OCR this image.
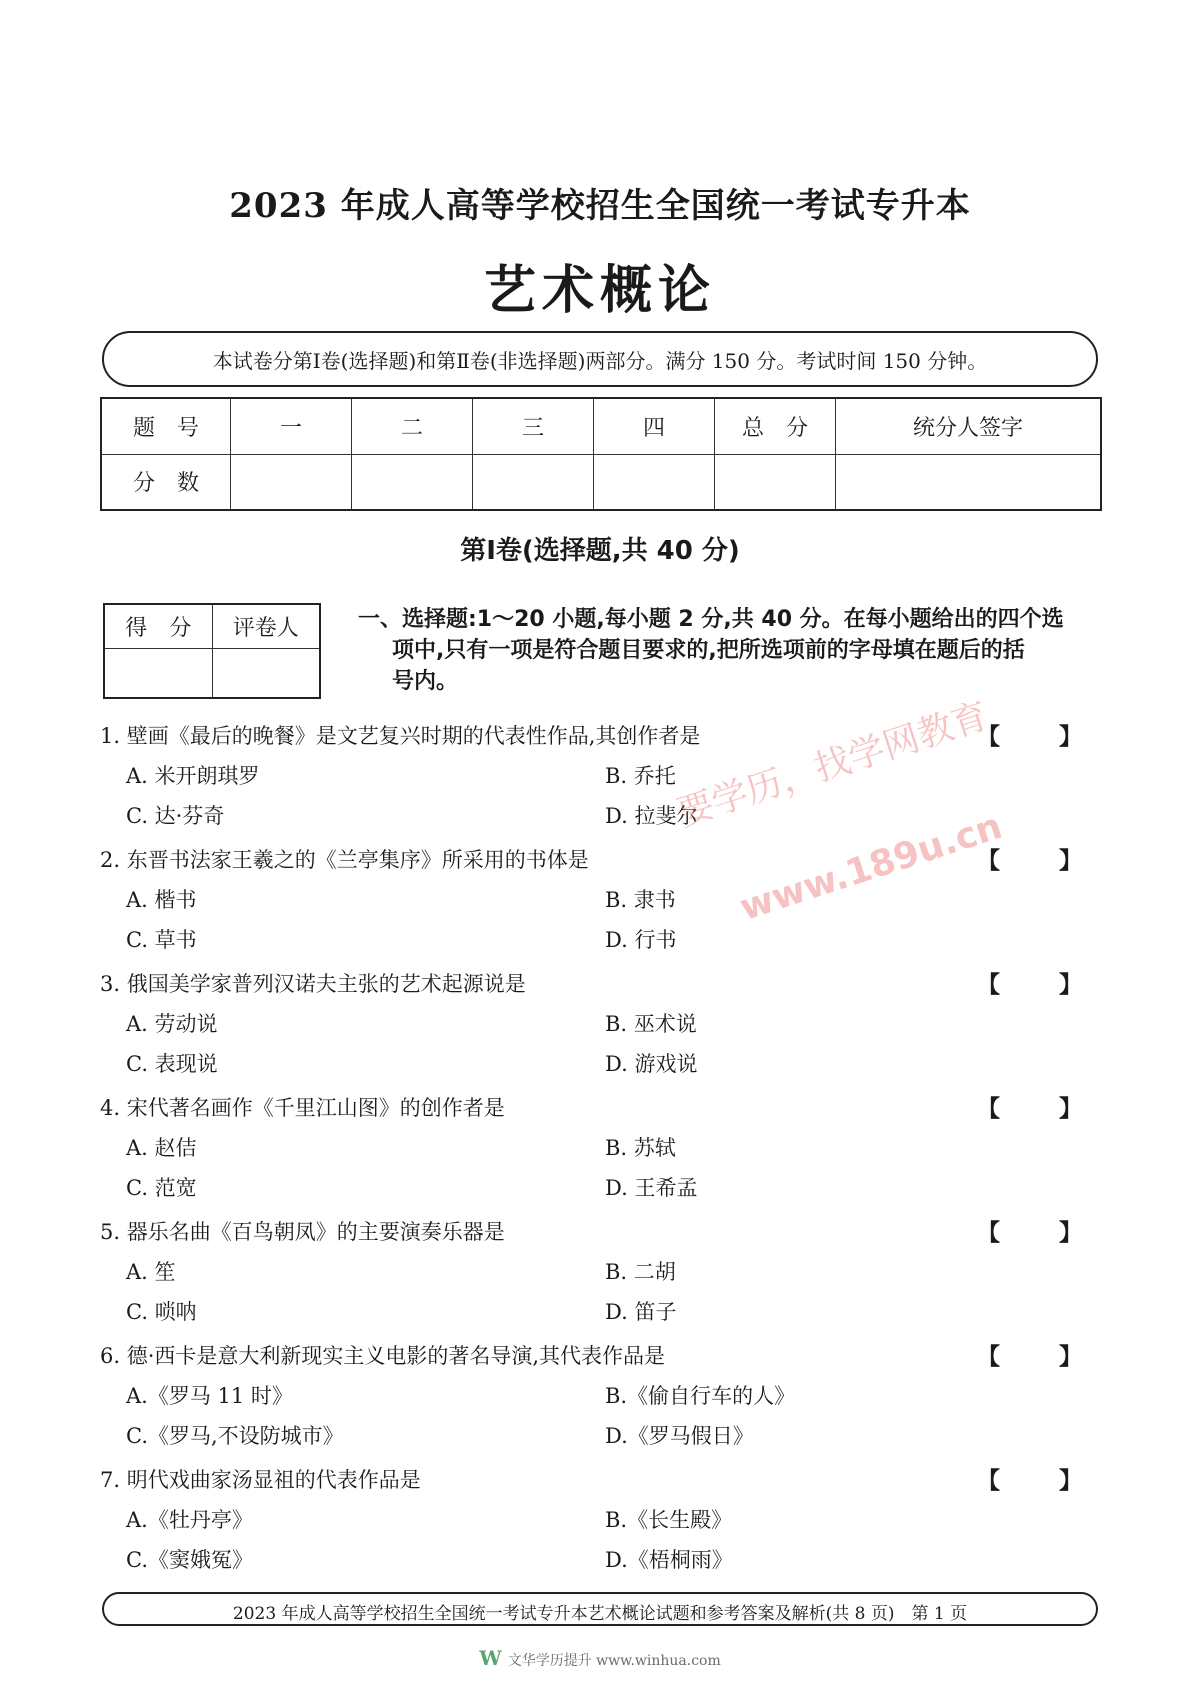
2023 年成人高等学校招生全国统一考试专升本
艺术概论
本试卷分第Ⅰ卷(选择题)和第Ⅱ卷(非选择题)两部分。满分 150 分。考试时间 150 分钟。
题　号	一	二	三	四	总　分	统分人签字
分　数						
第Ⅰ卷(选择题,共 40 分)
得　分	评卷人
		一、选择题:1～20 小题,每小题 2 分,共 40 分。在每小题给出的四个选

项中,只有一项是符合题目要求的,把所选项前的字母填在题后的括

号内。

1. 壁画《最后的晚餐》是文艺复兴时期的代表性作品,其创作者是	【　】
A. 米开朗琪罗	B. 乔托
C. 达·芬奇	D. 拉斐尔
2. 东晋书法家王羲之的《兰亭集序》所采用的书体是	【　】
A. 楷书	B. 隶书
C. 草书	D. 行书
3. 俄国美学家普列汉诺夫主张的艺术起源说是	【　】
A. 劳动说	B. 巫术说
C. 表现说	D. 游戏说
4. 宋代著名画作《千里江山图》的创作者是	【　】
A. 赵佶	B. 苏轼
C. 范宽	D. 王希孟
5. 器乐名曲《百鸟朝凤》的主要演奏乐器是	【　】
A. 笙	B. 二胡
C. 唢呐	D. 笛子
6. 德·西卡是意大利新现实主义电影的著名导演,其代表作品是	【　】
A.《罗马 11 时》	B.《偷自行车的人》
C.《罗马,不设防城市》	D.《罗马假日》
7. 明代戏曲家汤显祖的代表作品是	【　】
A.《牡丹亭》	B.《长生殿》
C.《窦娥冤》	D.《梧桐雨》
要学历，找学网教育
www.189u.cn
2023 年成人高等学校招生全国统一考试专升本艺术概论试题和参考答案及解析(共 8 页)　第 1 页
W 文华学历提升 www.winhua.com
